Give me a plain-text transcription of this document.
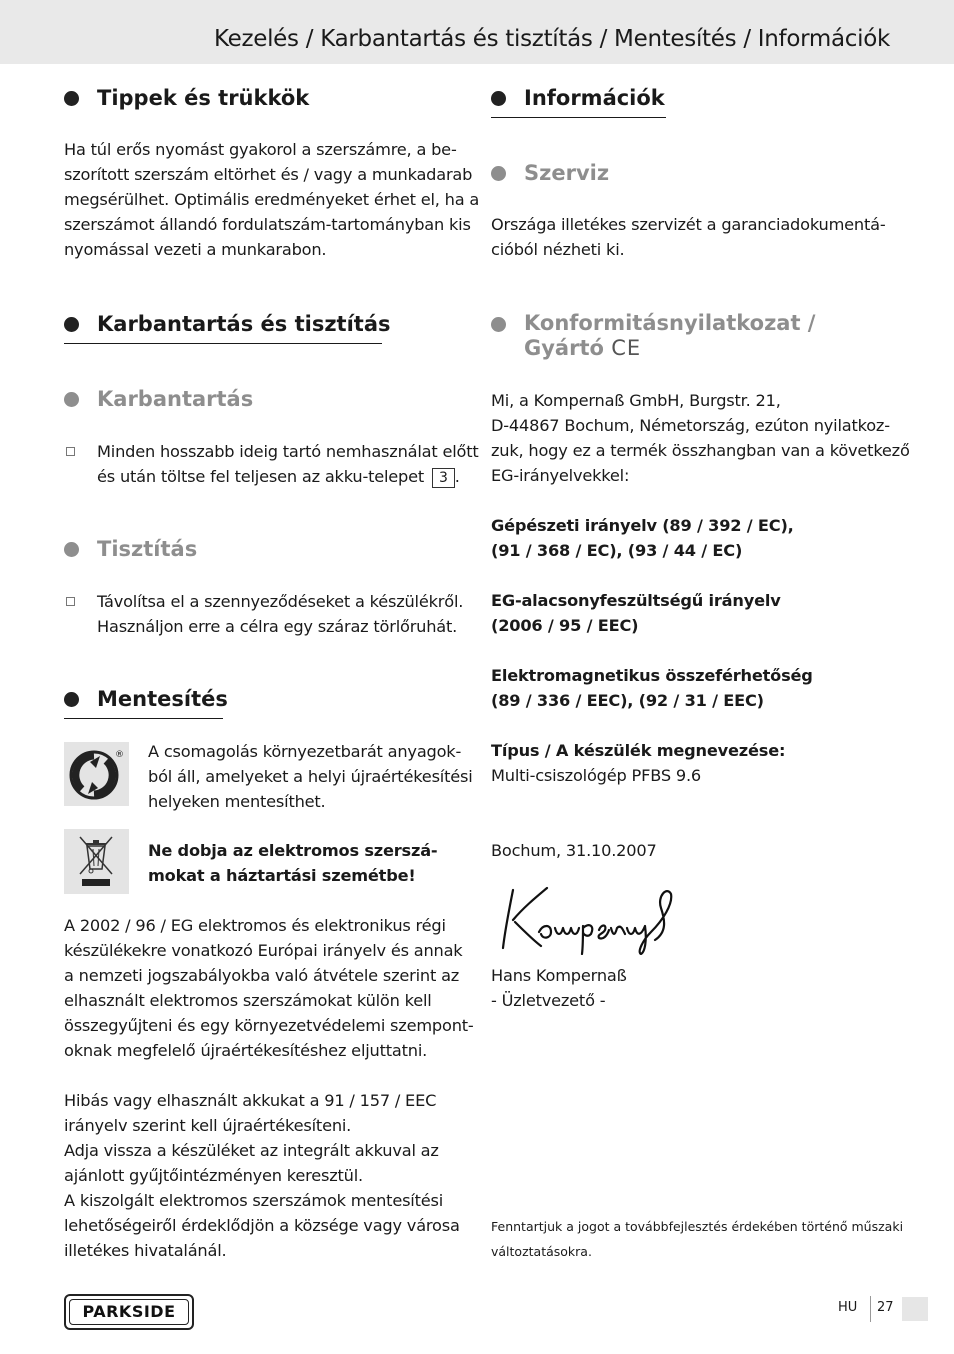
Kezelés / Karbantartás és tisztítás / Mentesítés / Információk
Tippek és trükkök
Ha túl erős nyomást gyakorol a szerszámre, a be-
szorított szerszám eltörhet és / vagy a munkadarab
megsérülhet. Optimális eredményeket érhet el, ha a
szerszámot állandó fordulatszám-tartományban kis
nyomással vezeti a munkarabon.
Karbantartás és tisztítás
Karbantartás
Minden hosszabb ideig tartó nemhasználat előtt
és után töltse fel teljesen az akku-telepet 3 .
Tisztítás
Távolítsa el a szennyeződéseket a készülékről.
Használjon erre a célra egy száraz törlőruhát.
Mentesítés
® A csomagolás környezetbarát anyagok-
ból áll, amelyeket a helyi újraértékesítési
helyeken mentesíthet.
Ne dobja az elektromos szerszá-
mokat a háztartási szemétbe!
A 2002 / 96 / EG elektromos és elektronikus régi
készülékekre vonatkozó Európai irányelv és annak
a nemzeti jogszabályokba való átvétele szerint az
elhasznált elektromos szerszámokat külön kell
összegyűjteni és egy környezetvédelemi szempont-
oknak megfelelő újraértékesítéshez eljuttatni.
Hibás vagy elhasznált akkukat a 91 / 157 / EEC
irányelv szerint kell újraértékesíteni.
Adja vissza a készüléket az integrált akkuval az
ajánlott gyűjtőintézményen keresztül.
A kiszolgált elektromos szerszámok mentesítési
lehetőségeiről érdeklődjön a községe vagy városa
illetékes hivatalánál.
Információk
Szerviz
Országa illetékes szervizét a garanciadokumentá-
cióból nézheti ki.
Konformitásnyilatkozat /
Gyártó CE
Mi, a Kompernaß GmbH, Burgstr. 21,
D-44867 Bochum, Németország, ezúton nyilatkoz-
zuk, hogy ez a termék összhangban van a következő
EG-irányelvekkel:
Gépészeti irányelv (89 / 392 / EC),
(91 / 368 / EC), (93 / 44 / EC)
EG-alacsonyfeszültségű irányelv
(2006 / 95 / EEC)
Elektromagnetikus összeférhetőség
(89 / 336 / EEC), (92 / 31 / EEC)
Típus / A készülék megnevezése:
Multi-csiszológép PFBS 9.6
Bochum, 31.10.2007
Hans Kompernaß
- Üzletvezető -
Fenntartjuk a jogot a továbbfejlesztés érdekében történő műszaki
változtatásokra.
PARKSIDE	HU 27
